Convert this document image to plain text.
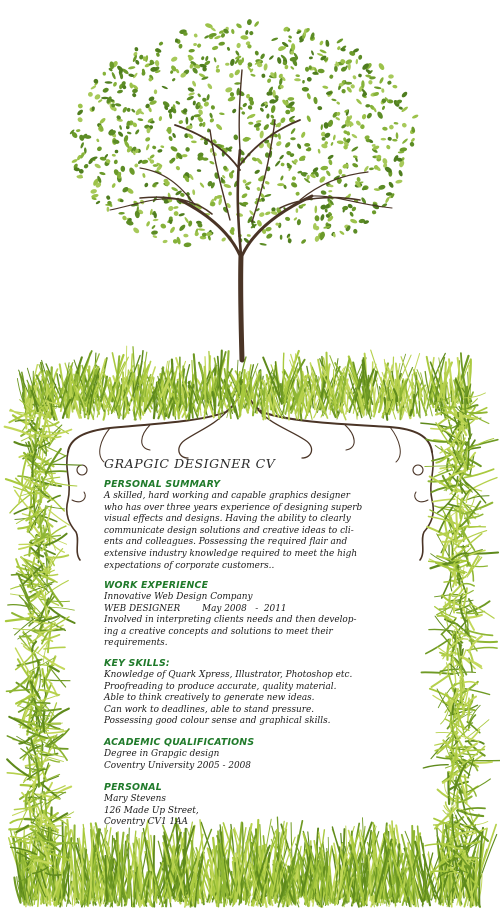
GRAPGIC DESIGNER CV

PERSONAL SUMMARY

A skilled, hard working and capable graphics designer

who has over three years experience of designing superb

visual effects and designs. Having the ability to clearly

communicate design solutions and creative ideas to cli-

ents and colleagues. Possessing the required flair and

extensive industry knowledge required to meet the high

expectations of corporate customers..

WORK EXPERIENCE

Innovative Web Design Company

WEB DESIGNER	May 2008   -  2011

Involved in interpreting clients needs and then develop-

ing a creative concepts and solutions to meet their

requirements.

KEY SKILLS:

Knowledge of Quark Xpress, Illustrator, Photoshop etc.

Proofreading to produce accurate, quality material.

Able to think creatively to generate new ideas.

Can work to deadlines, able to stand pressure.

Possessing good colour sense and graphical skills.

ACADEMIC QUALIFICATIONS

Degree in Grapgic design

Coventry University 2005 - 2008

PERSONAL

Mary Stevens

126 Made Up Street,

Coventry CV1 1AA
